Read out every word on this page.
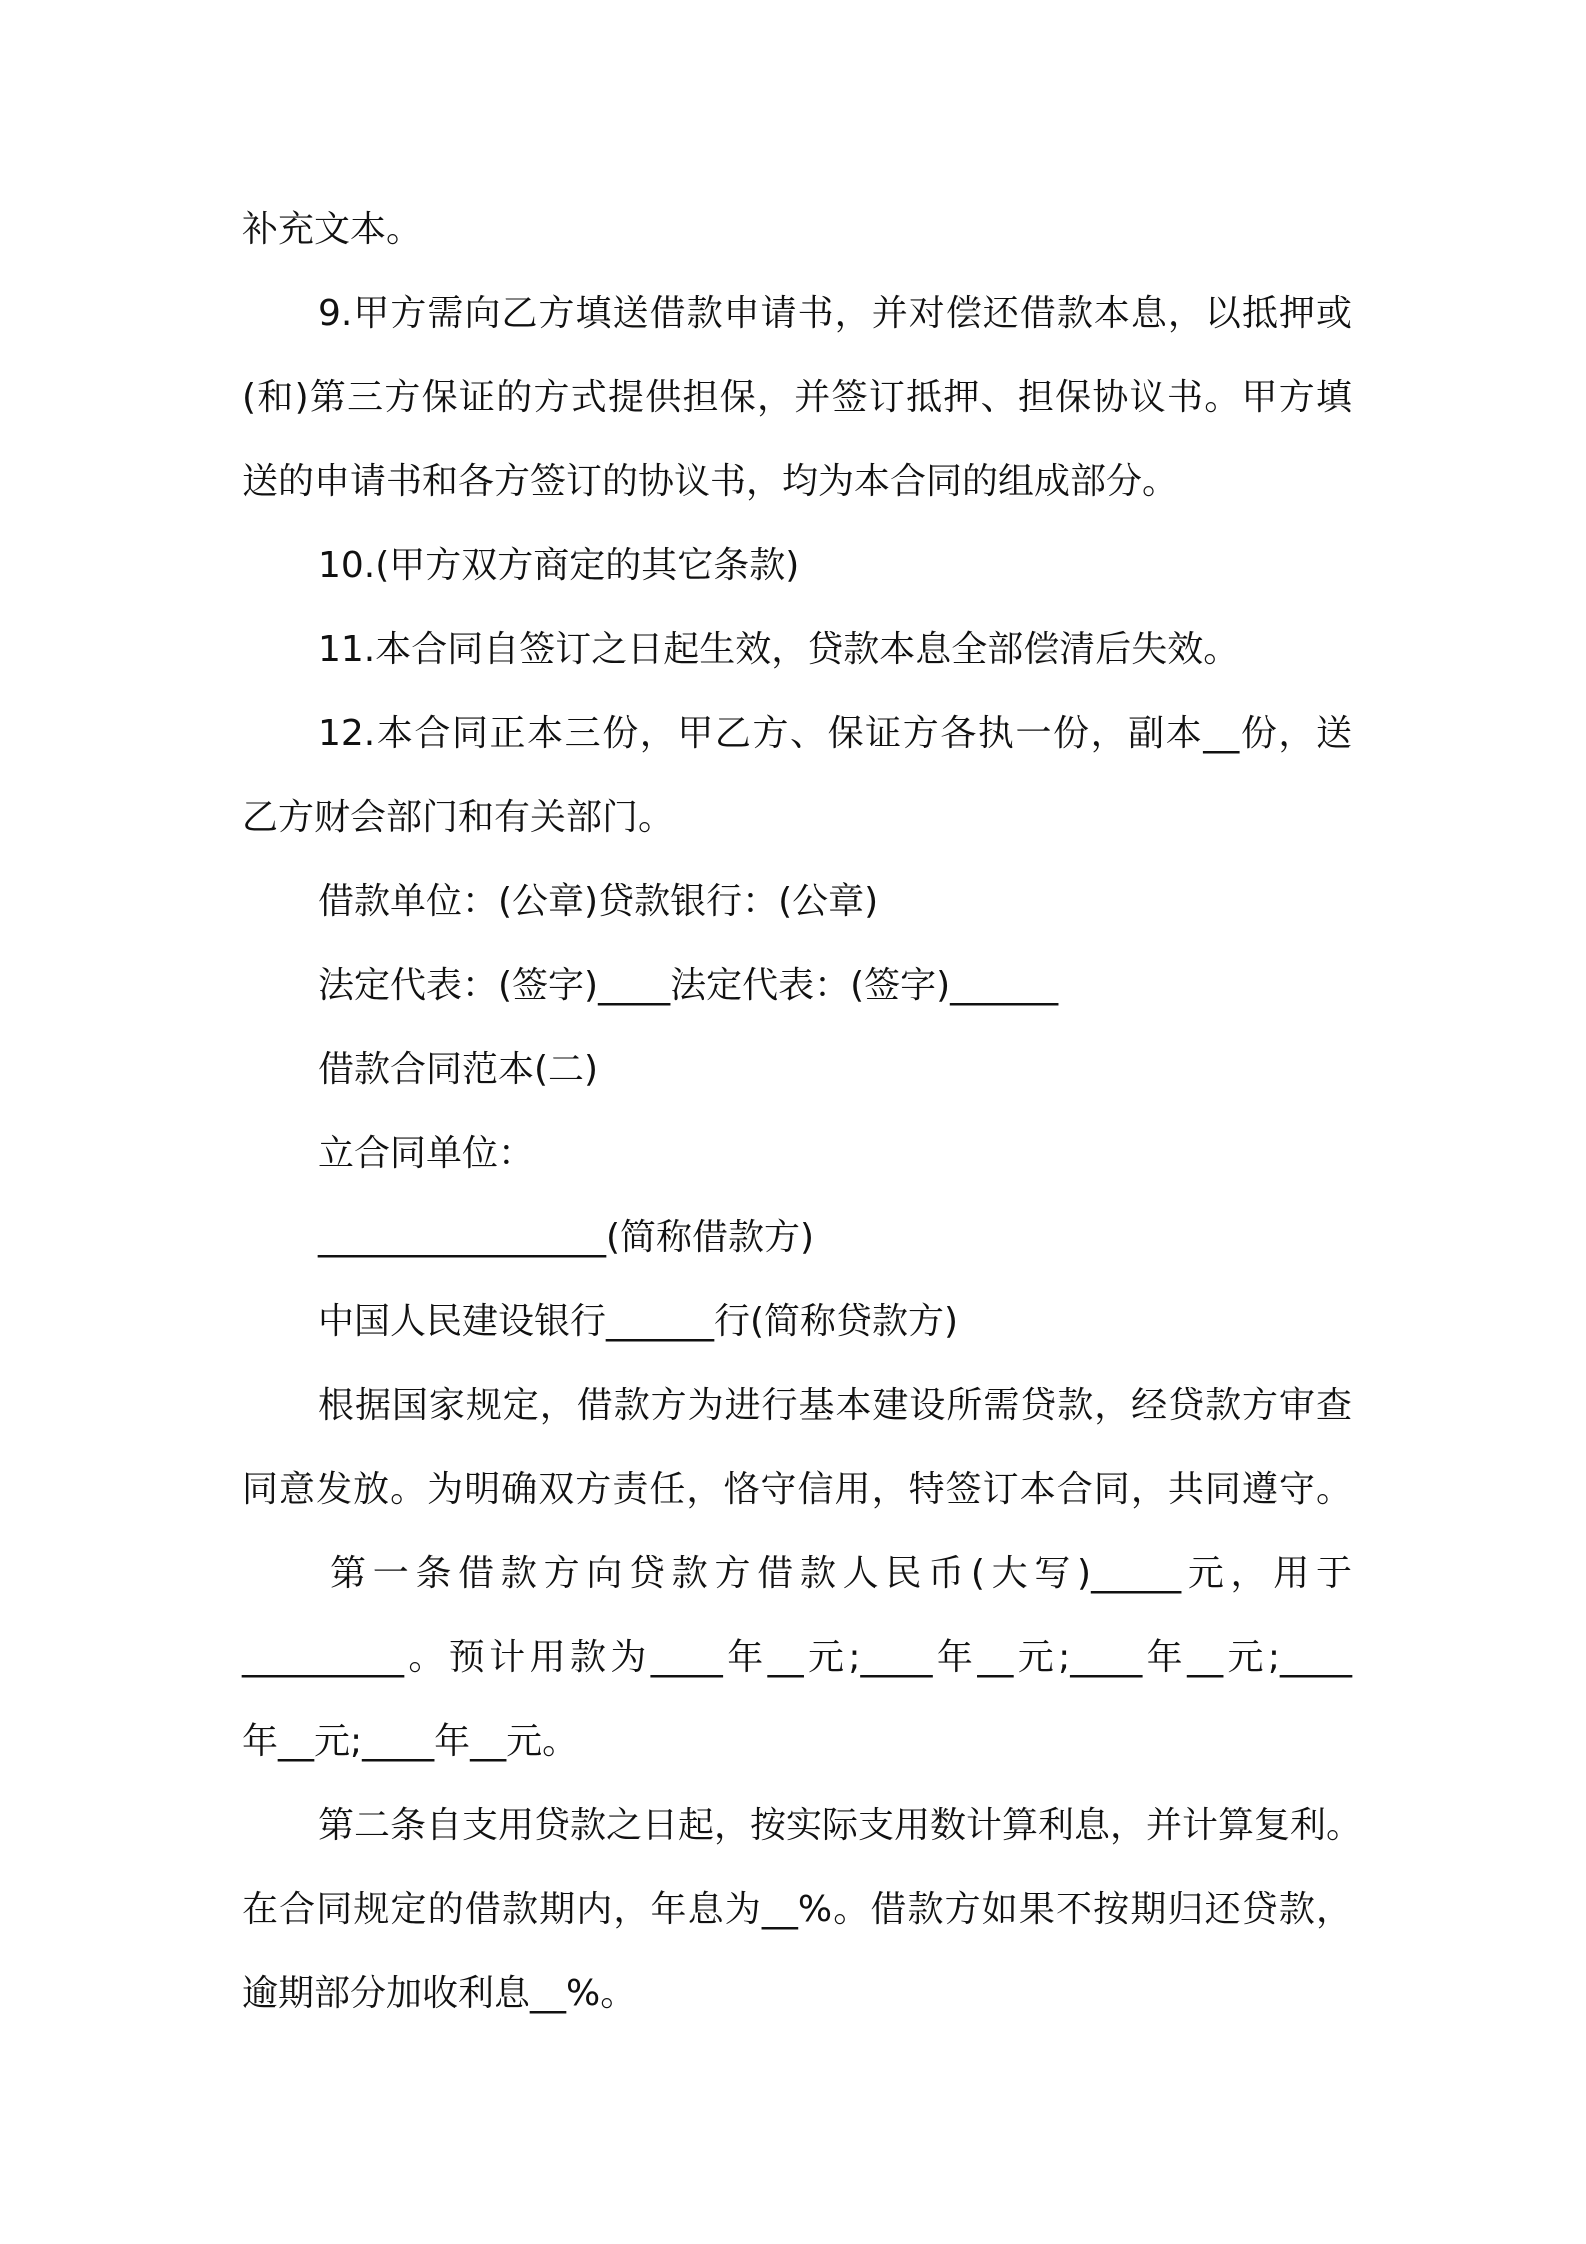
补充文本。
9.甲方需向乙方填送借款申请书，并对偿还借款本息，以抵押或
(和)第三方保证的方式提供担保，并签订抵押、担保协议书。甲方填
送的申请书和各方签订的协议书，均为本合同的组成部分。
10.(甲方双方商定的其它条款)
11.本合同自签订之日起生效，贷款本息全部偿清后失效。
12.本合同正本三份，甲乙方、保证方各执一份，副本__份，送
乙方财会部门和有关部门。
借款单位：(公章)贷款银行：(公章)
法定代表：(签字)____法定代表：(签字)______
借款合同范本(二)
立合同单位：
________________(简称借款方)
中国人民建设银行______行(简称贷款方)
根据国家规定，借款方为进行基本建设所需贷款，经贷款方审查
同意发放。为明确双方责任，恪守信用，特签订本合同，共同遵守。
第一条借款方向贷款方借款人民币(大写)_____元，用于
_________。预计用款为____年__元;____年__元;____年__元;____
年__元;____年__元。
第二条自支用贷款之日起，按实际支用数计算利息，并计算复利。
在合同规定的借款期内，年息为__%。借款方如果不按期归还贷款，
逾期部分加收利息__%。
